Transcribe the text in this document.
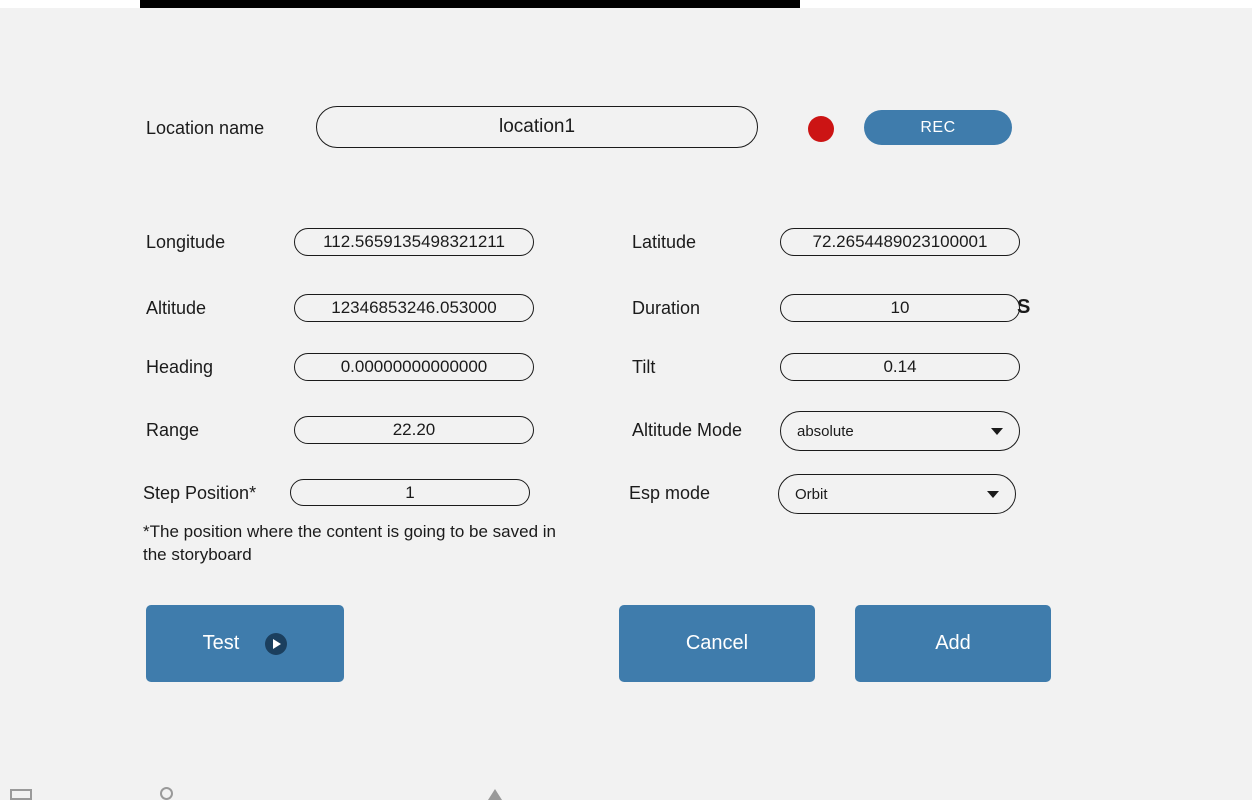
Location name	location1	REC
Longitude	112.5659135498321211
Altitude	12346853246.053000
Heading	0.00000000000000
Range	22.20
Step Position*	1
Latitude	72.2654489023100001
Duration	10	S
Tilt	0.14
Altitude Mode	absolute
Esp mode	Orbit
*The position where the content is going to be saved in the storyboard
Test	Cancel	Add
